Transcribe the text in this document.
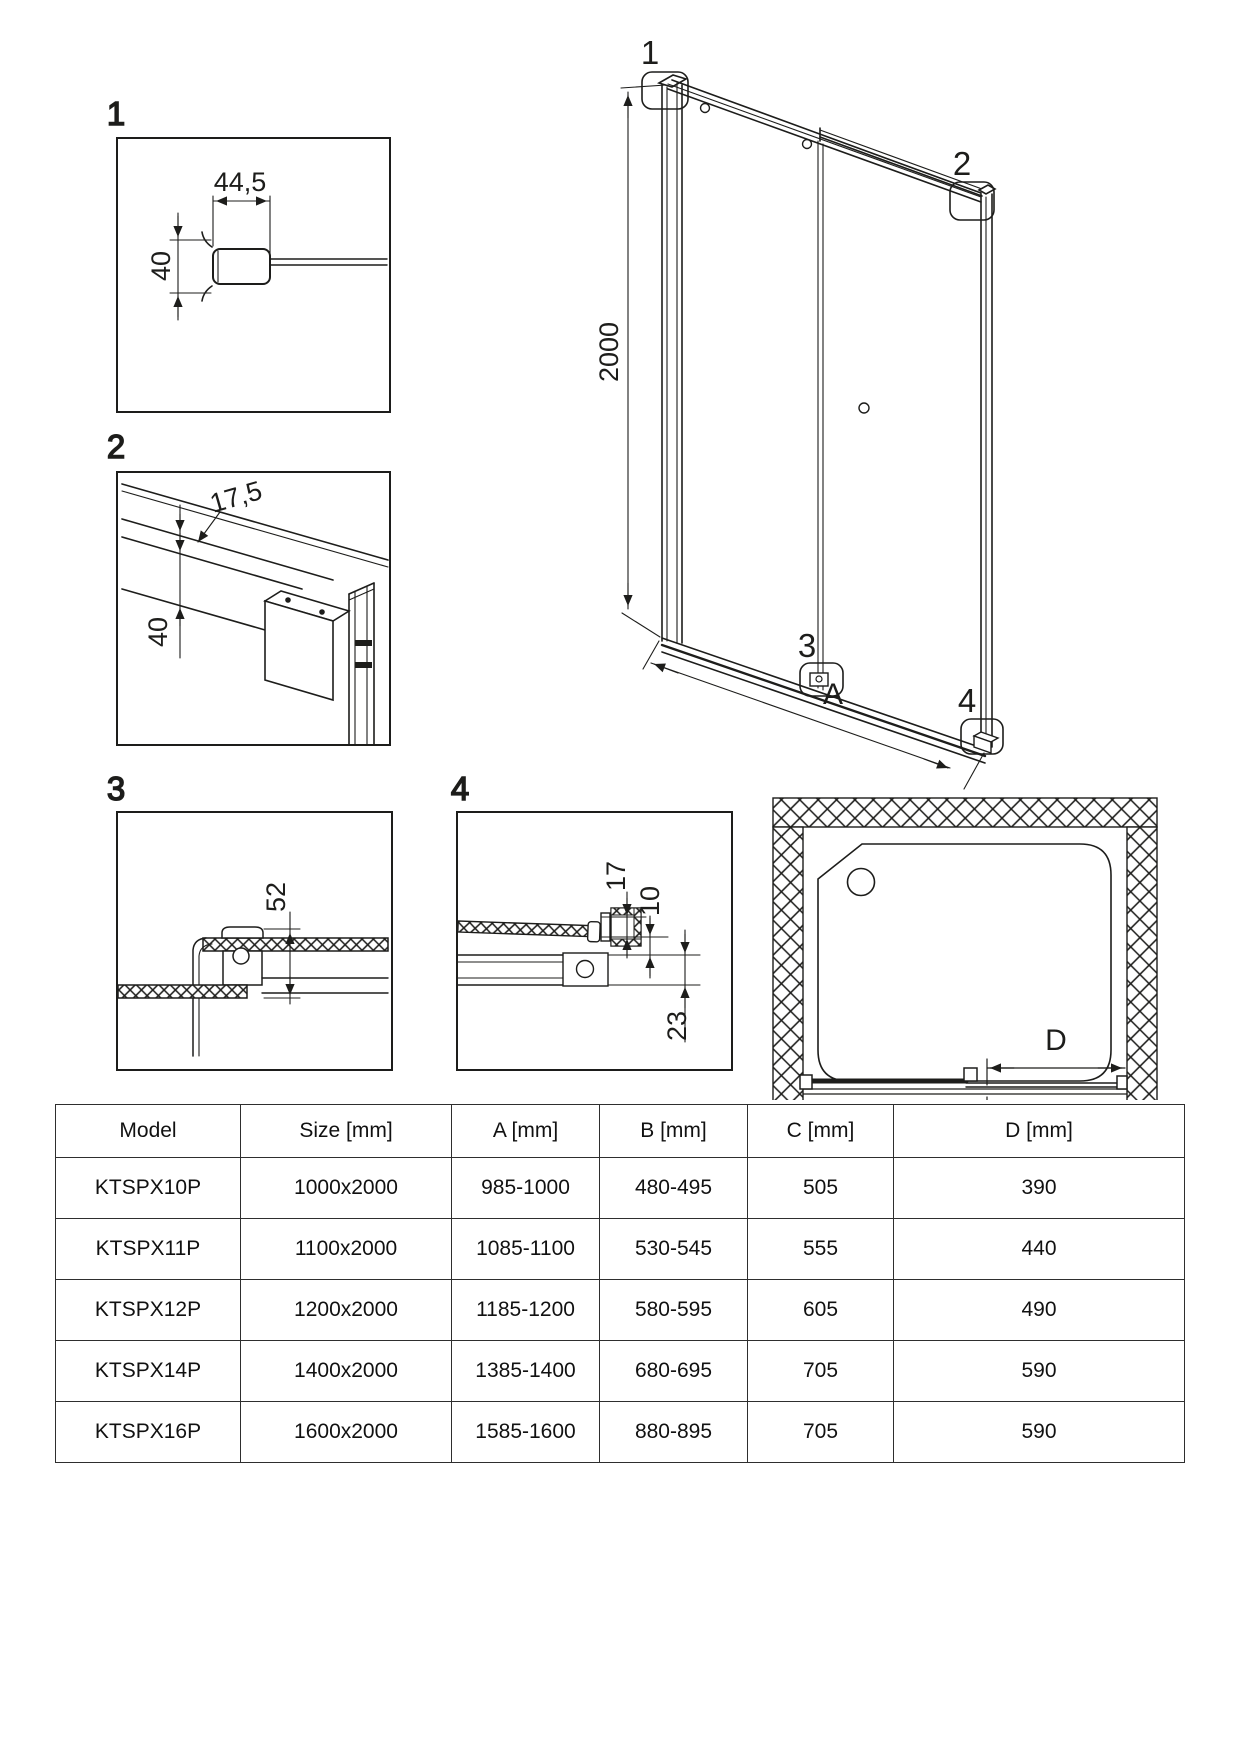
1
44,5
40
2
17,5
40
3
52
4
17
10
23
1
2
3
4
2000
A
D
Model	Size [mm]	A [mm]	B [mm]	C [mm]	D [mm]
KTSPX10P	1000x2000	985-1000	480-495	505	390
KTSPX11P	1100x2000	1085-1100	530-545	555	440
KTSPX12P	1200x2000	1185-1200	580-595	605	490
KTSPX14P	1400x2000	1385-1400	680-695	705	590
KTSPX16P	1600x2000	1585-1600	880-895	705	590
